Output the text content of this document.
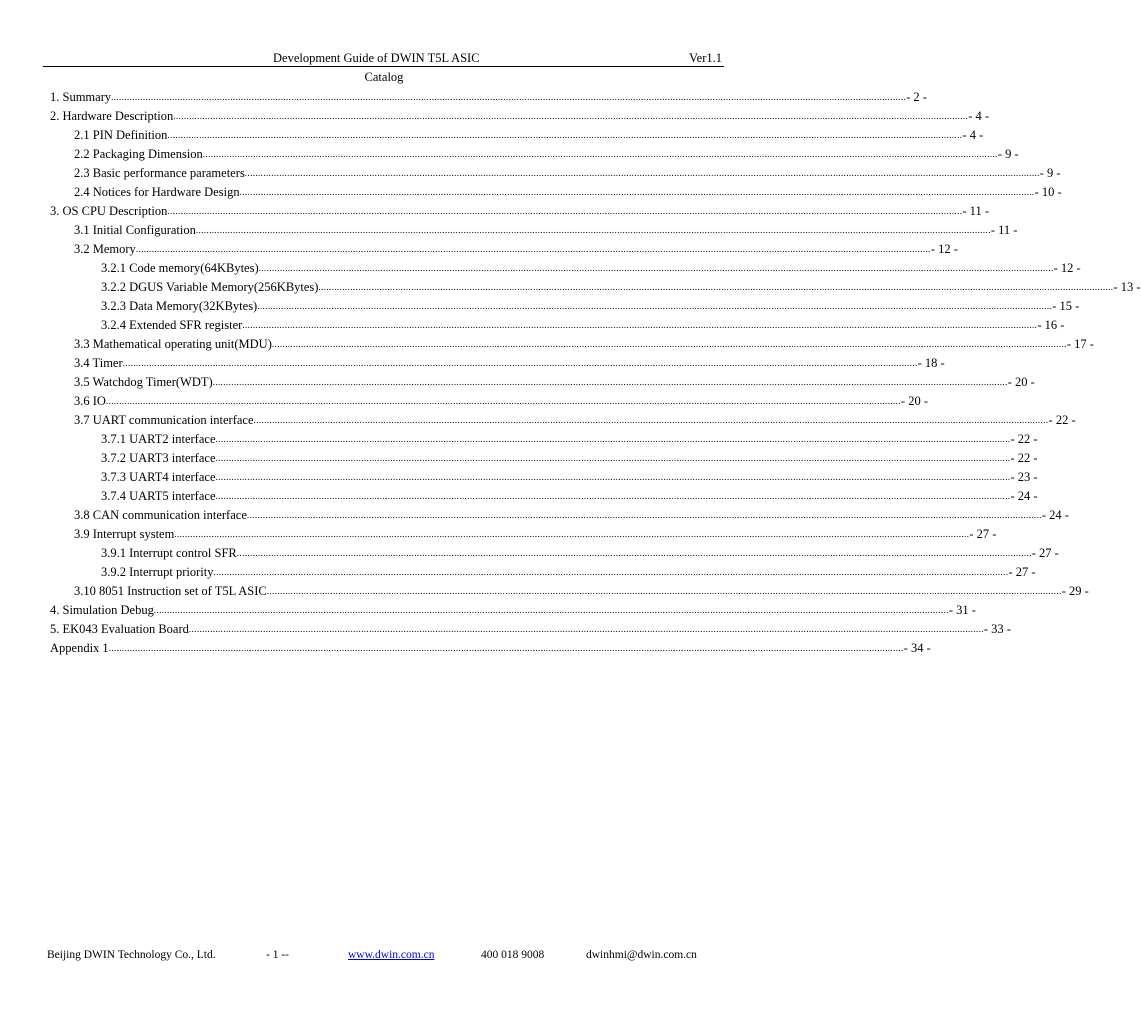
Development Guide of DWIN T5L ASIC	Ver1.1
Catalog
1. Summary ............................................................................................................................................................................................................................................................................................................ - 2 -
2. Hardware Description ............................................................................................................................................................................................................................................................................................................ - 4 -
2.1 PIN Definition ............................................................................................................................................................................................................................................................................................................ - 4 -
2.2 Packaging Dimension ............................................................................................................................................................................................................................................................................................................ - 9 -
2.3 Basic performance parameters ............................................................................................................................................................................................................................................................................................................ - 9 -
2.4 Notices for Hardware Design ............................................................................................................................................................................................................................................................................................................ - 10 -
3. OS CPU Description ............................................................................................................................................................................................................................................................................................................ - 11 -
3.1 Initial Configuration ............................................................................................................................................................................................................................................................................................................ - 11 -
3.2 Memory ............................................................................................................................................................................................................................................................................................................ - 12 -
3.2.1 Code memory(64KBytes) ............................................................................................................................................................................................................................................................................................................ - 12 -
3.2.2 DGUS Variable Memory(256KBytes) ............................................................................................................................................................................................................................................................................................................ - 13 -
3.2.3 Data Memory(32KBytes) ............................................................................................................................................................................................................................................................................................................ - 15 -
3.2.4 Extended SFR register ............................................................................................................................................................................................................................................................................................................ - 16 -
3.3 Mathematical operating unit(MDU) ............................................................................................................................................................................................................................................................................................................ - 17 -
3.4 Timer ............................................................................................................................................................................................................................................................................................................ - 18 -
3.5 Watchdog Timer(WDT) ............................................................................................................................................................................................................................................................................................................ - 20 -
3.6 IO ............................................................................................................................................................................................................................................................................................................ - 20 -
3.7 UART communication interface ............................................................................................................................................................................................................................................................................................................ - 22 -
3.7.1 UART2 interface ............................................................................................................................................................................................................................................................................................................ - 22 -
3.7.2 UART3 interface ............................................................................................................................................................................................................................................................................................................ - 22 -
3.7.3 UART4 interface ............................................................................................................................................................................................................................................................................................................ - 23 -
3.7.4 UART5 interface ............................................................................................................................................................................................................................................................................................................ - 24 -
3.8 CAN communication interface ............................................................................................................................................................................................................................................................................................................ - 24 -
3.9 Interrupt system ............................................................................................................................................................................................................................................................................................................ - 27 -
3.9.1 Interrupt control SFR ............................................................................................................................................................................................................................................................................................................ - 27 -
3.9.2 Interrupt priority ............................................................................................................................................................................................................................................................................................................ - 27 -
3.10 8051 Instruction set of T5L ASIC ............................................................................................................................................................................................................................................................................................................ - 29 -
4. Simulation Debug ............................................................................................................................................................................................................................................................................................................ - 31 -
5. EK043 Evaluation Board ............................................................................................................................................................................................................................................................................................................ - 33 -
Appendix 1 ............................................................................................................................................................................................................................................................................................................ - 34 -
Beijing DWIN Technology Co., Ltd.	- 1 --	www.dwin.com.cn	400 018 9008	dwinhmi@dwin.com.cn
